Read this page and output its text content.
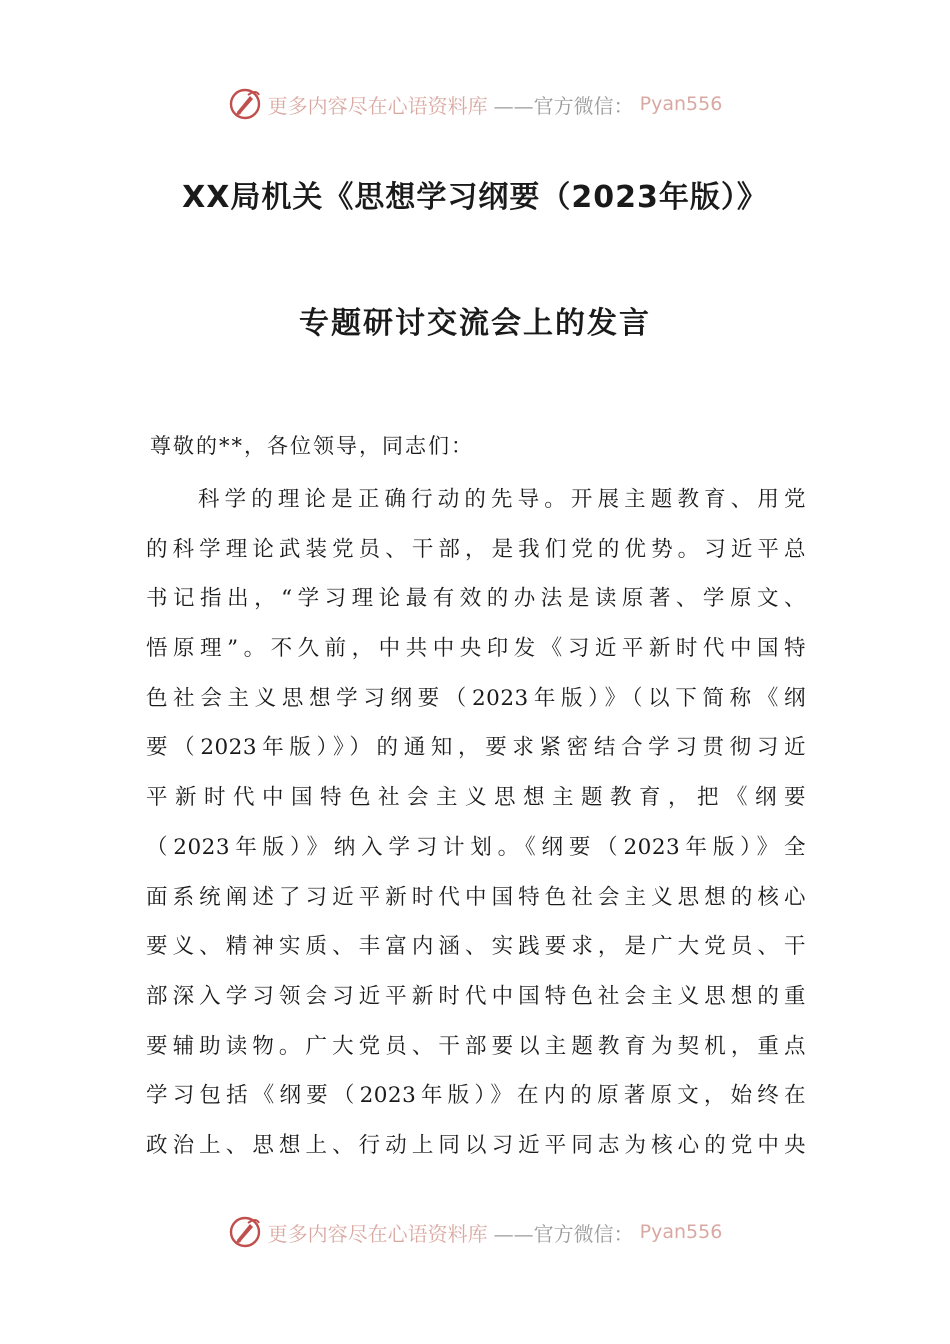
更多内容尽在心语资料库 ——官方微信： Pyan556
XX局机关《思想学习纲要（2023年版）》
专题研讨交流会上的发言
尊敬的**，各位领导，同志们：
科学的理论是正确行动的先导。开展主题教育、用党
的科学理论武装党员、干部，是我们党的优势。习近平总
书记指出，“学习理论最有效的办法是读原著、学原文、
悟原理”。不久前，中共中央印发《习近平新时代中国特
色社会主义思想学习纲要（2023年版）》（以下简称《纲
要（2023年版）》）的通知，要求紧密结合学习贯彻习近
平新时代中国特色社会主义思想主题教育，把《纲要
（2023年版）》纳入学习计划。《纲要（2023年版）》全
面系统阐述了习近平新时代中国特色社会主义思想的核心
要义、精神实质、丰富内涵、实践要求，是广大党员、干
部深入学习领会习近平新时代中国特色社会主义思想的重
要辅助读物。广大党员、干部要以主题教育为契机，重点
学习包括《纲要（2023年版）》在内的原著原文，始终在
政治上、思想上、行动上同以习近平同志为核心的党中央
更多内容尽在心语资料库 ——官方微信： Pyan556
